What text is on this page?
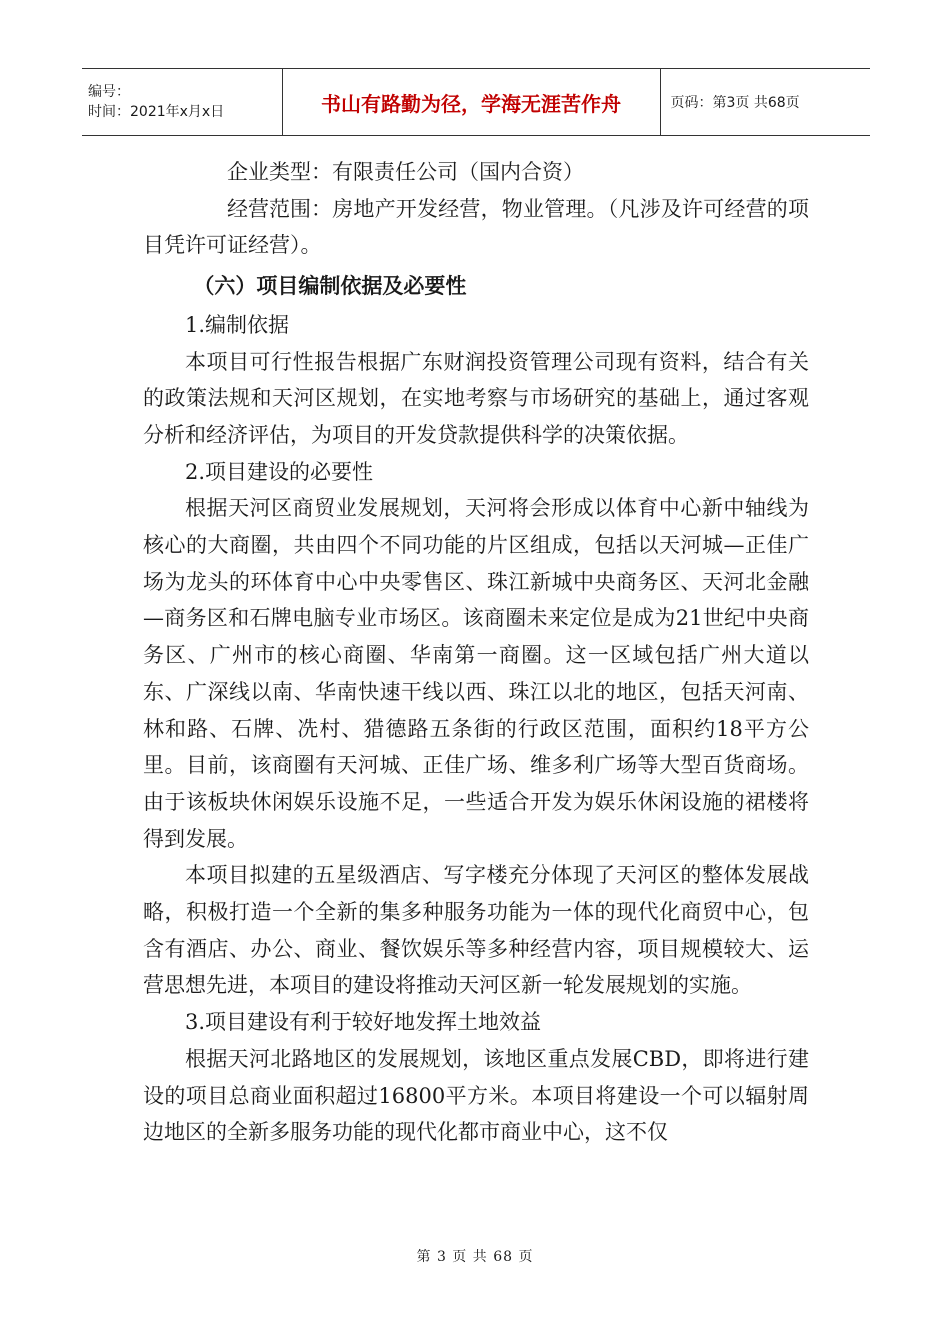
编号：
时间：2021年x月x日	书山有路勤为径，学海无涯苦作舟	页码：第3页 共68页

企业类型：有限责任公司（国内合资）

经营范围：房地产开发经营，物业管理。（凡涉及许可经营的项目凭许可证经营）。

（六）项目编制依据及必要性

1.编制依据

本项目可行性报告根据广东财润投资管理公司现有资料，结合有关的政策法规和天河区规划，在实地考察与市场研究的基础上，通过客观分析和经济评估，为项目的开发贷款提供科学的决策依据。

2.项目建设的必要性

根据天河区商贸业发展规划，天河将会形成以体育中心新中轴线为核心的大商圈，共由四个不同功能的片区组成，包括以天河城—正佳广场为龙头的环体育中心中央零售区、珠江新城中央商务区、天河北金融—商务区和石牌电脑专业市场区。该商圈未来定位是成为21世纪中央商务区、广州市的核心商圈、华南第一商圈。这一区域包括广州大道以东、广深线以南、华南快速干线以西、珠江以北的地区，包括天河南、林和路、石牌、冼村、猎德路五条街的行政区范围，面积约18平方公里。目前，该商圈有天河城、正佳广场、维多利广场等大型百货商场。由于该板块休闲娱乐设施不足，一些适合开发为娱乐休闲设施的裙楼将得到发展。

本项目拟建的五星级酒店、写字楼充分体现了天河区的整体发展战略，积极打造一个全新的集多种服务功能为一体的现代化商贸中心，包含有酒店、办公、商业、餐饮娱乐等多种经营内容，项目规模较大、运营思想先进，本项目的建设将推动天河区新一轮发展规划的实施。

3.项目建设有利于较好地发挥土地效益

根据天河北路地区的发展规划，该地区重点发展CBD，即将进行建设的项目总商业面积超过16800平方米。本项目将建设一个可以辐射周边地区的全新多服务功能的现代化都市商业中心，这不仅

第 3 页 共 68 页
